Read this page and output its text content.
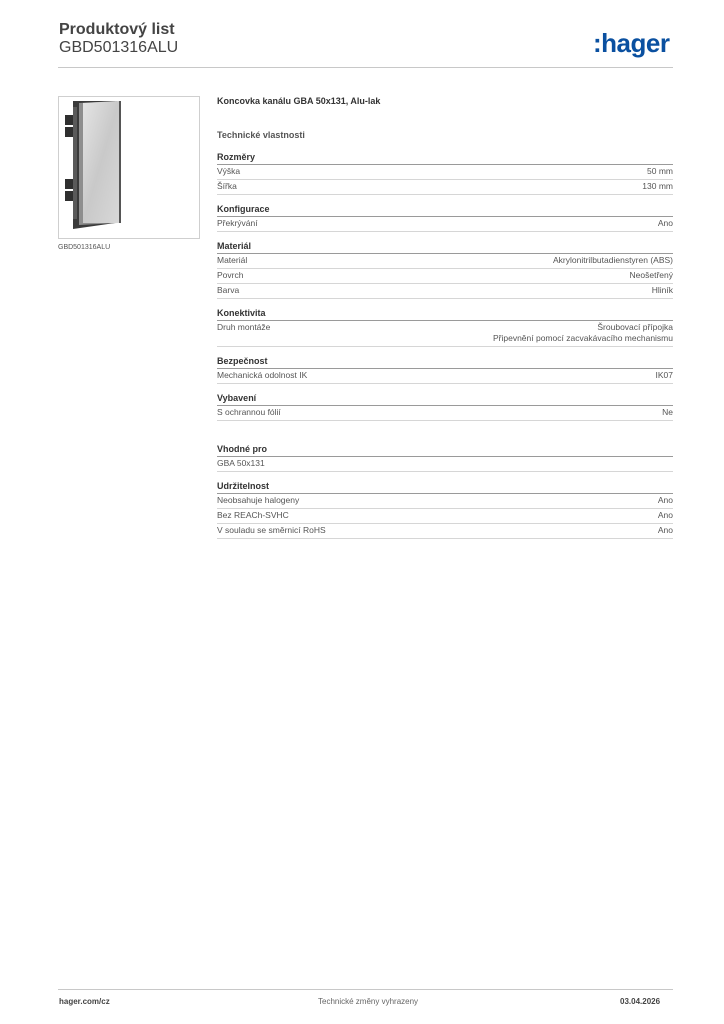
Produktový list
GBD501316ALU	:hager
GBD501316ALU
Koncovka kanálu GBA 50x131, Alu-lak
Technické vlastnosti
Rozměry
Výška	50 mm
Šířka	130 mm
Konfigurace
Překrývání	Ano
Materiál
Materiál	Akrylonitrilbutadienstyren (ABS)
Povrch	Neošetřený
Barva	Hliník
Konektivita
Druh montáže	Šroubovací přípojka
Připevnění pomocí zacvakávacího mechanismu
Bezpečnost
Mechanická odolnost IK	IK07
Vybavení
S ochrannou fólií	Ne
Vhodné pro
GBA 50x131
Udržitelnost
Neobsahuje halogeny	Ano
Bez REACh-SVHC	Ano
V souladu se směrnicí RoHS	Ano
hager.com/cz	Technické změny vyhrazeny	03.04.2026
